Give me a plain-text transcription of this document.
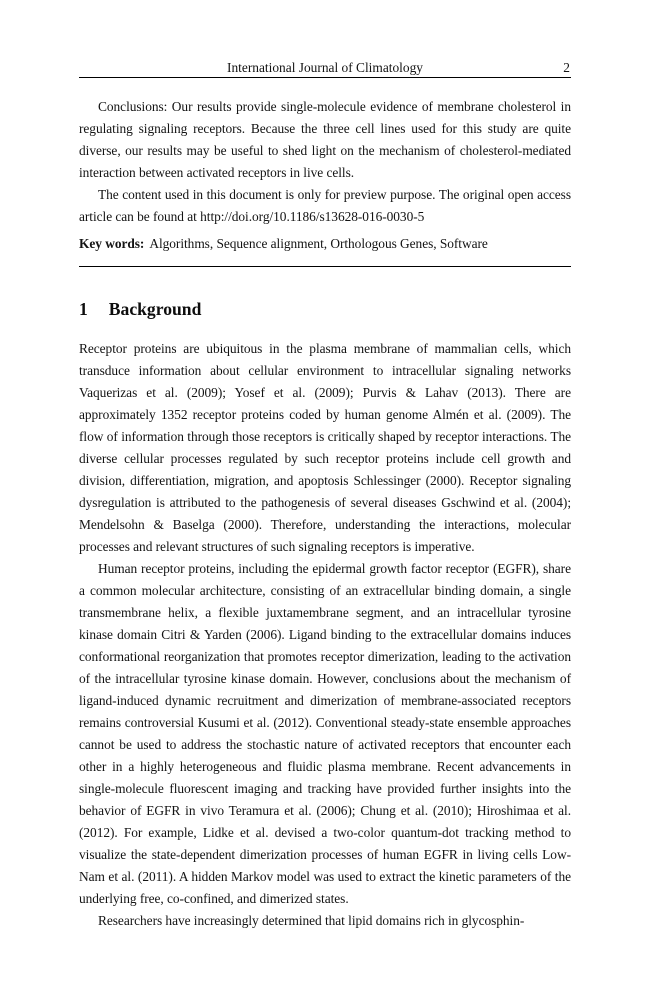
International Journal of Climatology	2

Conclusions: Our results provide single-molecule evidence of membrane cholesterol in regulating signaling receptors. Because the three cell lines used for this study are quite diverse, our results may be useful to shed light on the mechanism of cholesterol-mediated interaction between activated receptors in live cells.

The content used in this document is only for preview purpose. The original open access article can be found at http://doi.org/10.1186/s13628-016-0030-5

Key words: Algorithms, Sequence alignment, Orthologous Genes, Software

1 Background

Receptor proteins are ubiquitous in the plasma membrane of mammalian cells, which transduce information about cellular environment to intracellular signaling networks Vaquerizas et al. (2009); Yosef et al. (2009); Purvis & Lahav (2013). There are approximately 1352 receptor proteins coded by human genome Almén et al. (2009). The flow of information through those receptors is critically shaped by receptor interactions. The diverse cellular processes regulated by such receptor proteins include cell growth and division, differentiation, migration, and apoptosis Schlessinger (2000). Receptor signaling dysregulation is attributed to the pathogenesis of several diseases Gschwind et al. (2004); Mendelsohn & Baselga (2000). Therefore, understanding the interactions, molecular processes and relevant structures of such signaling receptors is imperative.

Human receptor proteins, including the epidermal growth factor receptor (EGFR), share a common molecular architecture, consisting of an extracellular binding domain, a single transmembrane helix, a flexible juxtamembrane segment, and an intracellular tyrosine kinase domain Citri & Yarden (2006). Ligand binding to the extracellular domains induces conformational reorganization that promotes receptor dimerization, leading to the activation of the intracellular tyrosine kinase domain. However, conclusions about the mechanism of ligand-induced dynamic recruitment and dimerization of membrane-associated receptors remains controversial Kusumi et al. (2012). Conventional steady-state ensemble approaches cannot be used to address the stochastic nature of activated receptors that encounter each other in a highly heterogeneous and fluidic plasma membrane. Recent advancements in single-molecule fluorescent imaging and tracking have provided further insights into the behavior of EGFR in vivo Teramura et al. (2006); Chung et al. (2010); Hiroshimaa et al. (2012). For example, Lidke et al. devised a two-color quantum-dot tracking method to visualize the state-dependent dimerization processes of human EGFR in living cells Low-Nam et al. (2011). A hidden Markov model was used to extract the kinetic parameters of the underlying free, co-confined, and dimerized states.

Researchers have increasingly determined that lipid domains rich in glycosphin-
